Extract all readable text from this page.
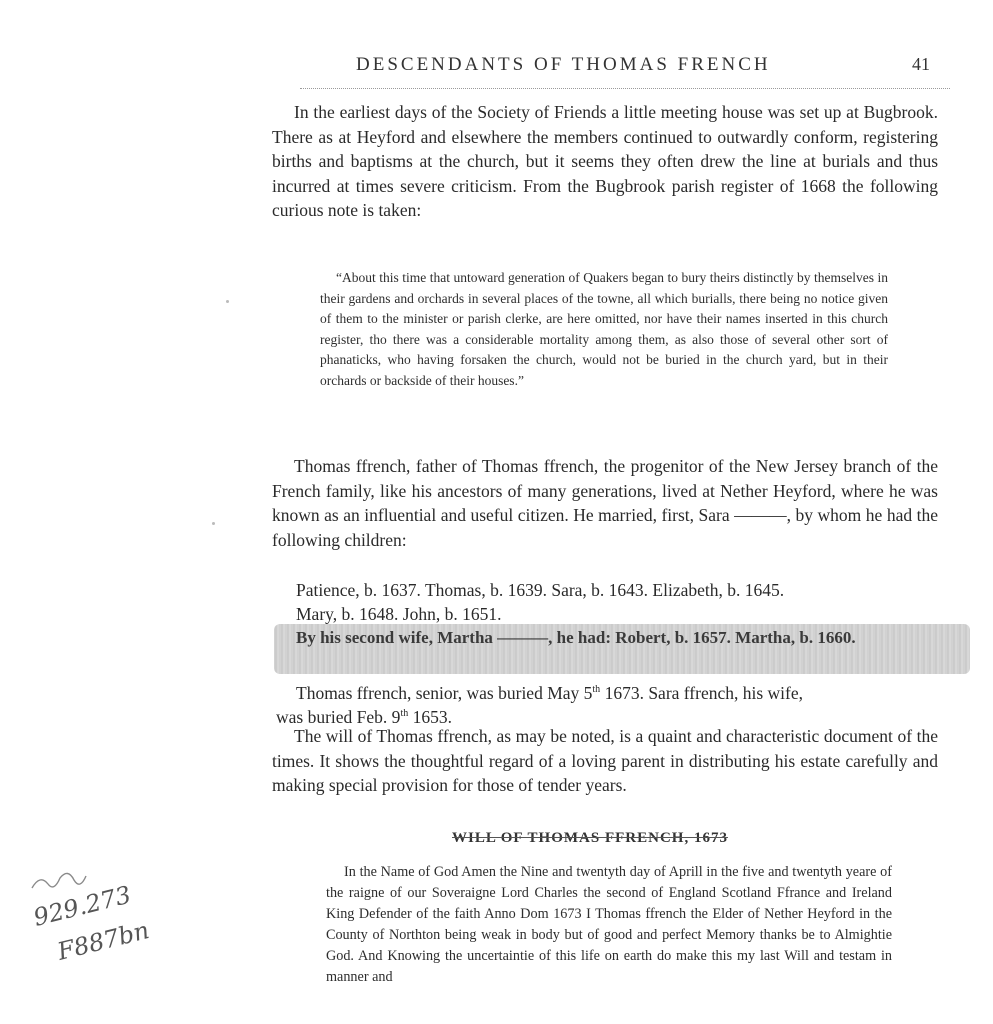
DESCENDANTS OF THOMAS FRENCH	41

In the earliest days of the Society of Friends a little meeting house was set up at Bugbrook. There as at Heyford and elsewhere the members continued to outwardly conform, registering births and baptisms at the church, but it seems they often drew the line at burials and thus incurred at times severe criticism. From the Bugbrook parish register of 1668 the following curious note is taken:

“About this time that untoward generation of Quakers began to bury theirs distinctly by themselves in their gardens and orchards in several places of the towne, all which burialls, there being no notice given of them to the minister or parish clerke, are here omitted, nor have their names inserted in this church register, tho there was a considerable mortality among them, as also those of several other sort of phanaticks, who having forsaken the church, would not be buried in the church yard, but in their orchards or backside of their houses.”

Thomas ffrench, father of Thomas ffrench, the progenitor of the New Jersey branch of the French family, like his ancestors of many generations, lived at Nether Heyford, where he was known as an influential and useful citizen. He married, first, Sara ———, by whom he had the following children:

Patience, b. 1637. Thomas, b. 1639. Sara, b. 1643. Elizabeth, b. 1645.

Mary, b. 1648. John, b. 1651.

By his second wife, Martha ———, he had: Robert, b. 1657. Martha, b. 1660.

Thomas ffrench, senior, was buried May 5th 1673. Sara ffrench, his wife,

was buried Feb. 9th 1653.

The will of Thomas ffrench, as may be noted, is a quaint and characteristic document of the times. It shows the thoughtful regard of a loving parent in distributing his estate carefully and making special provision for those of tender years.

WILL OF THOMAS FFRENCH, 1673

In the Name of God Amen the Nine and twentyth day of Aprill in the five and twentyth yeare of the raigne of our Soveraigne Lord Charles the second of England Scotland Ffrance and Ireland King Defender of the faith Anno Dom 1673 I Thomas ffrench the Elder of Nether Heyford in the County of Northton being weak in body but of good and perfect Memory thanks be to Almightie God. And Knowing the uncertaintie of this life on earth do make this my last Will and testam in manner and

929.273
F887bn
